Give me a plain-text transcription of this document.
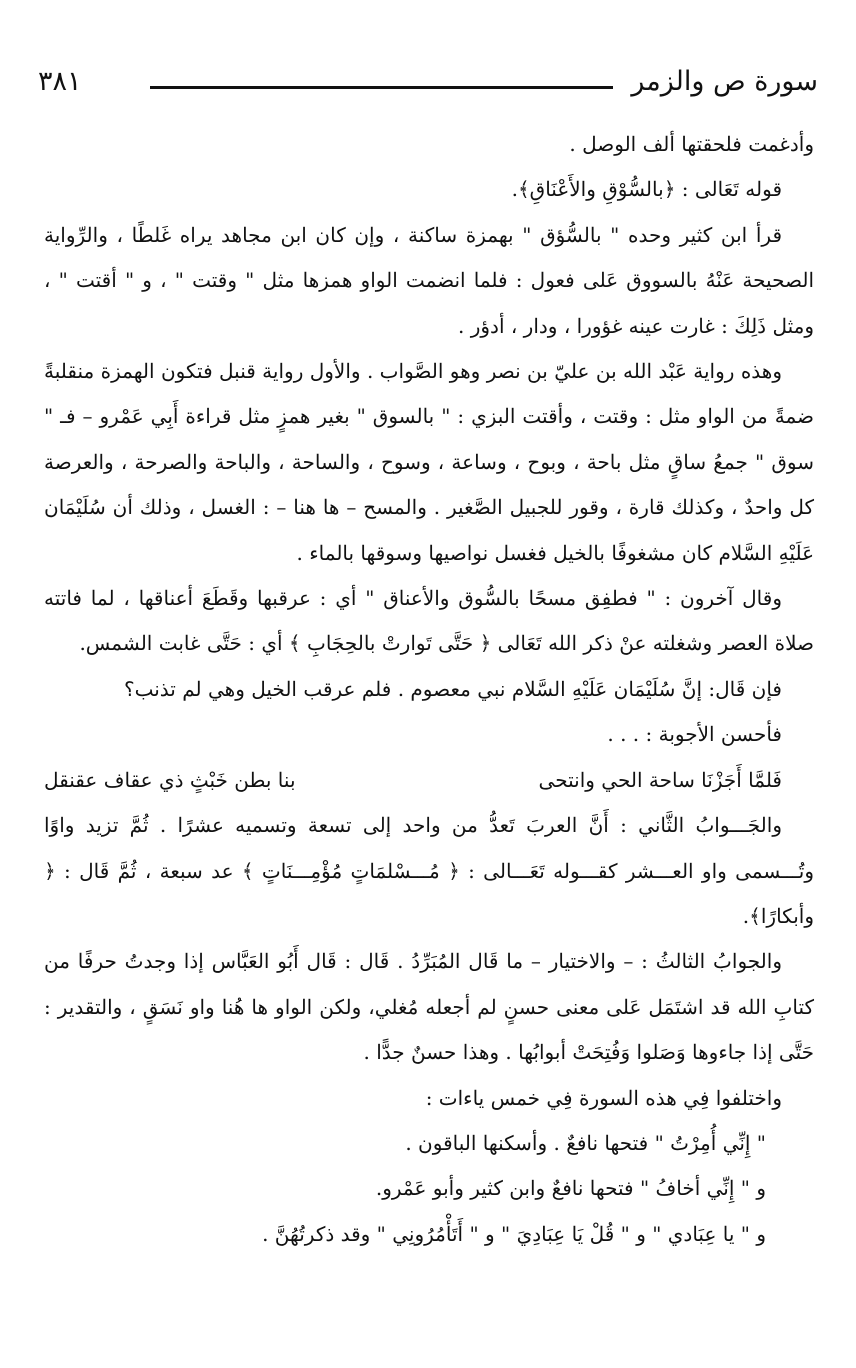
سورة ص والزمر
٣٨١

وأدغمت فلحقتها ألف الوصل .

قوله تَعَالى : ﴿بالسُّوْقِ والأَعْنَاقِ﴾.

قرأ ابن كثير وحده " بالسُّؤق " بهمزة ساكنة ، وإن كان ابن مجاهد يراه غَلطًا ، والرِّواية الصحيحة عَنْهُ بالسووق عَلى فعول : فلما انضمت الواو همزها مثل " وقتت " ، و " أقتت " ، ومثل ذَلِكَ : غارت عينه غؤورا ، ودار ، أدؤر .

وهذه رواية عَبْد الله بن عليّ بن نصر وهو الصَّواب . والأول رواية قنبل فتكون الهمزة منقلبةً ضمةً من الواو مثل : وقتت ، وأقتت البزي : " بالسوق " بغير همزٍ مثل قراءة أَبِي عَمْرو – فـ " سوق " جمعُ ساقٍ مثل باحة ، وبوح ، وساعة ، وسوح ، والساحة ، والباحة والصرحة ، والعرصة كل واحدٌ ، وكذلك قارة ، وقور للجبيل الصَّغير . والمسح – ها هنا – : الغسل ، وذلك أن سُلَيْمَان عَلَيْهِ السَّلام كان مشغوفًا بالخيل فغسل نواصيها وسوقها بالماء .

وقال آخرون : " فطفِق مسحًا بالسُّوق والأعناق " أي : عرقبها وقَطَعَ أعناقها ، لما فاتته صلاة العصر وشغلته عنْ ذكر الله تَعَالى ﴿ حَتَّى تَوارتْ بالحِجَابِ ﴾ أي : حَتَّى غابت الشمس.

فإن قَال: إنَّ سُلَيْمَان عَلَيْهِ السَّلام نبي معصوم . فلم عرقب الخيل وهي لم تذنب؟

فأحسن الأجوبة : . . .

فَلمَّا أَجَزْنَا ساحة الحي وانتحى
بنا بطن خَبْثٍ ذي عقاف عقنقل

والجَـــوابُ الثَّاني : أَنَّ العربَ تَعدُّ من واحد إلى تسعة وتسميه عشرًا . ثُمَّ تزيد واوًا وتُـــسمى واو العـــشر كقـــوله تَعَـــالى : ﴿ مُـــسْلمَاتٍ مُؤْمِـــنَاتٍ ﴾ عد سبعة ، ثُمَّ قَال : ﴿ وأبكارًا﴾.

والجوابُ الثالثُ : – والاختيار – ما قَال المُبَرِّدُ . قَال : قَال أَبُو العَبَّاس إذا وجدتُ حرفًا من كتابِ الله قد اشتَمَل عَلى معنى حسنٍ لم أجعله مُغلي، ولكن الواو ها هُنا واو نَسَقٍ ، والتقدير : حَتَّى إذا جاءوها وَصَلوا وَفُتِحَتْ أبوابُها . وهذا حسنٌ جدًّا .

واختلفوا فِي هذه السورة فِي خمس ياءات :

" إِنِّي أُمِرْتُ " فتحها نافعٌ . وأسكنها الباقون .

و " إِنِّي أخافُ " فتحها نافعٌ وابن كثير وأبو عَمْرو.

و " يا عِبَادي " و " قُلْ يَا عِبَادِيَ " و " أَتَأْمُرُونِي " وقد ذكرتُهُنَّ .
